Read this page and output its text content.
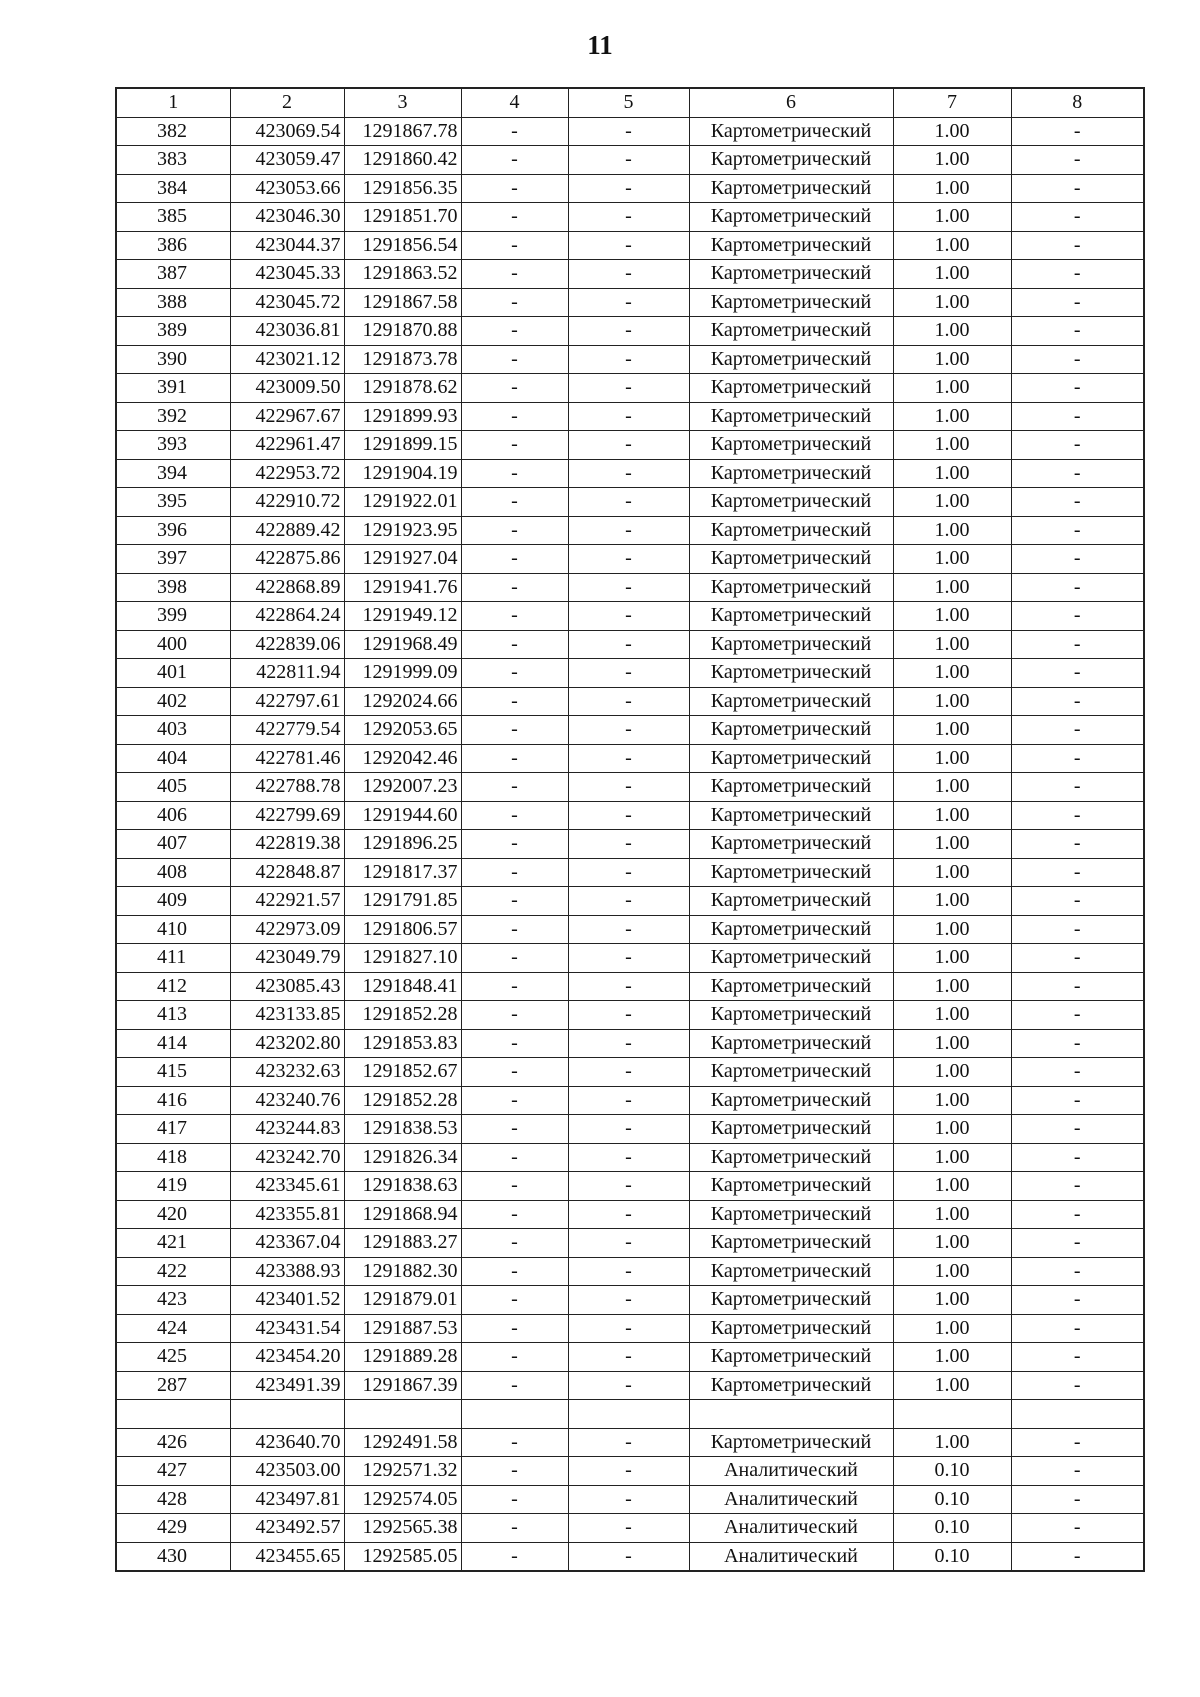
11
1	2	3	4	5	6	7	8
382	423069.54	1291867.78	-	-	Картометрический	1.00	-
383	423059.47	1291860.42	-	-	Картометрический	1.00	-
384	423053.66	1291856.35	-	-	Картометрический	1.00	-
385	423046.30	1291851.70	-	-	Картометрический	1.00	-
386	423044.37	1291856.54	-	-	Картометрический	1.00	-
387	423045.33	1291863.52	-	-	Картометрический	1.00	-
388	423045.72	1291867.58	-	-	Картометрический	1.00	-
389	423036.81	1291870.88	-	-	Картометрический	1.00	-
390	423021.12	1291873.78	-	-	Картометрический	1.00	-
391	423009.50	1291878.62	-	-	Картометрический	1.00	-
392	422967.67	1291899.93	-	-	Картометрический	1.00	-
393	422961.47	1291899.15	-	-	Картометрический	1.00	-
394	422953.72	1291904.19	-	-	Картометрический	1.00	-
395	422910.72	1291922.01	-	-	Картометрический	1.00	-
396	422889.42	1291923.95	-	-	Картометрический	1.00	-
397	422875.86	1291927.04	-	-	Картометрический	1.00	-
398	422868.89	1291941.76	-	-	Картометрический	1.00	-
399	422864.24	1291949.12	-	-	Картометрический	1.00	-
400	422839.06	1291968.49	-	-	Картометрический	1.00	-
401	422811.94	1291999.09	-	-	Картометрический	1.00	-
402	422797.61	1292024.66	-	-	Картометрический	1.00	-
403	422779.54	1292053.65	-	-	Картометрический	1.00	-
404	422781.46	1292042.46	-	-	Картометрический	1.00	-
405	422788.78	1292007.23	-	-	Картометрический	1.00	-
406	422799.69	1291944.60	-	-	Картометрический	1.00	-
407	422819.38	1291896.25	-	-	Картометрический	1.00	-
408	422848.87	1291817.37	-	-	Картометрический	1.00	-
409	422921.57	1291791.85	-	-	Картометрический	1.00	-
410	422973.09	1291806.57	-	-	Картометрический	1.00	-
411	423049.79	1291827.10	-	-	Картометрический	1.00	-
412	423085.43	1291848.41	-	-	Картометрический	1.00	-
413	423133.85	1291852.28	-	-	Картометрический	1.00	-
414	423202.80	1291853.83	-	-	Картометрический	1.00	-
415	423232.63	1291852.67	-	-	Картометрический	1.00	-
416	423240.76	1291852.28	-	-	Картометрический	1.00	-
417	423244.83	1291838.53	-	-	Картометрический	1.00	-
418	423242.70	1291826.34	-	-	Картометрический	1.00	-
419	423345.61	1291838.63	-	-	Картометрический	1.00	-
420	423355.81	1291868.94	-	-	Картометрический	1.00	-
421	423367.04	1291883.27	-	-	Картометрический	1.00	-
422	423388.93	1291882.30	-	-	Картометрический	1.00	-
423	423401.52	1291879.01	-	-	Картометрический	1.00	-
424	423431.54	1291887.53	-	-	Картометрический	1.00	-
425	423454.20	1291889.28	-	-	Картометрический	1.00	-
287	423491.39	1291867.39	-	-	Картометрический	1.00	-

426	423640.70	1292491.58	-	-	Картометрический	1.00	-
427	423503.00	1292571.32	-	-	Аналитический	0.10	-
428	423497.81	1292574.05	-	-	Аналитический	0.10	-
429	423492.57	1292565.38	-	-	Аналитический	0.10	-
430	423455.65	1292585.05	-	-	Аналитический	0.10	-
